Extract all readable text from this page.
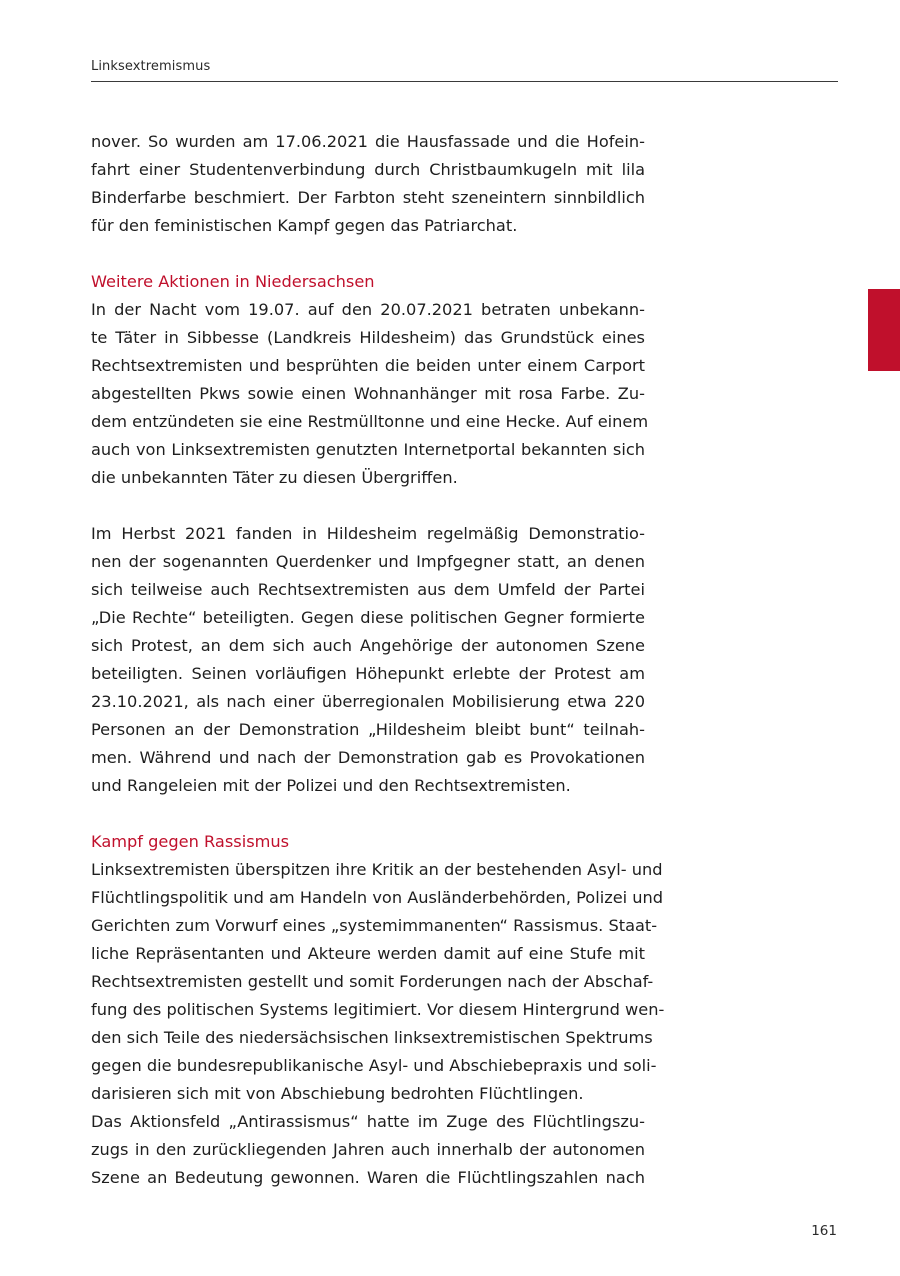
Linksextremismus
nover. So wurden am 17.06.2021 die Hausfassade und die Hofein-
fahrt einer Studentenverbindung durch Christbaumkugeln mit lila
Binderfarbe beschmiert. Der Farbton steht szeneintern sinnbildlich
für den feministischen Kampf gegen das Patriarchat.
Weitere Aktionen in Niedersachsen
In der Nacht vom 19.07. auf den 20.07.2021 betraten unbekann-
te Täter in Sibbesse (Landkreis Hildesheim) das Grundstück eines
Rechtsextremisten und besprühten die beiden unter einem Carport
abgestellten Pkws sowie einen Wohnanhänger mit rosa Farbe. Zu-
dem entzündeten sie eine Restmülltonne und eine Hecke. Auf einem
auch von Linksextremisten genutzten Internetportal bekannten sich
die unbekannten Täter zu diesen Übergriffen.
Im Herbst 2021 fanden in Hildesheim regelmäßig Demonstratio-
nen der sogenannten Querdenker und Impfgegner statt, an denen
sich teilweise auch Rechtsextremisten aus dem Umfeld der Partei
„Die Rechte“ beteiligten. Gegen diese politischen Gegner formierte
sich Protest, an dem sich auch Angehörige der autonomen Szene
beteiligten. Seinen vorläufigen Höhepunkt erlebte der Protest am
23.10.2021, als nach einer überregionalen Mobilisierung etwa 220
Personen an der Demonstration „Hildesheim bleibt bunt“ teilnah-
men. Während und nach der Demonstration gab es Provokationen
und Rangeleien mit der Polizei und den Rechtsextremisten.
Kampf gegen Rassismus
Linksextremisten überspitzen ihre Kritik an der bestehenden Asyl- und
Flüchtlingspolitik und am Handeln von Ausländerbehörden, Polizei und
Gerichten zum Vorwurf eines „systemimmanenten“ Rassismus. Staat-
liche Repräsentanten und Akteure werden damit auf eine Stufe mit
Rechtsextremisten gestellt und somit Forderungen nach der Abschaf-
fung des politischen Systems legitimiert. Vor diesem Hintergrund wen-
den sich Teile des niedersächsischen linksextremistischen Spektrums
gegen die bundesrepublikanische Asyl- und Abschiebepraxis und soli-
darisieren sich mit von Abschiebung bedrohten Flüchtlingen.
Das Aktionsfeld „Antirassismus“ hatte im Zuge des Flüchtlingszu-
zugs in den zurückliegenden Jahren auch innerhalb der autonomen
Szene an Bedeutung gewonnen. Waren die Flüchtlingszahlen nach
161
